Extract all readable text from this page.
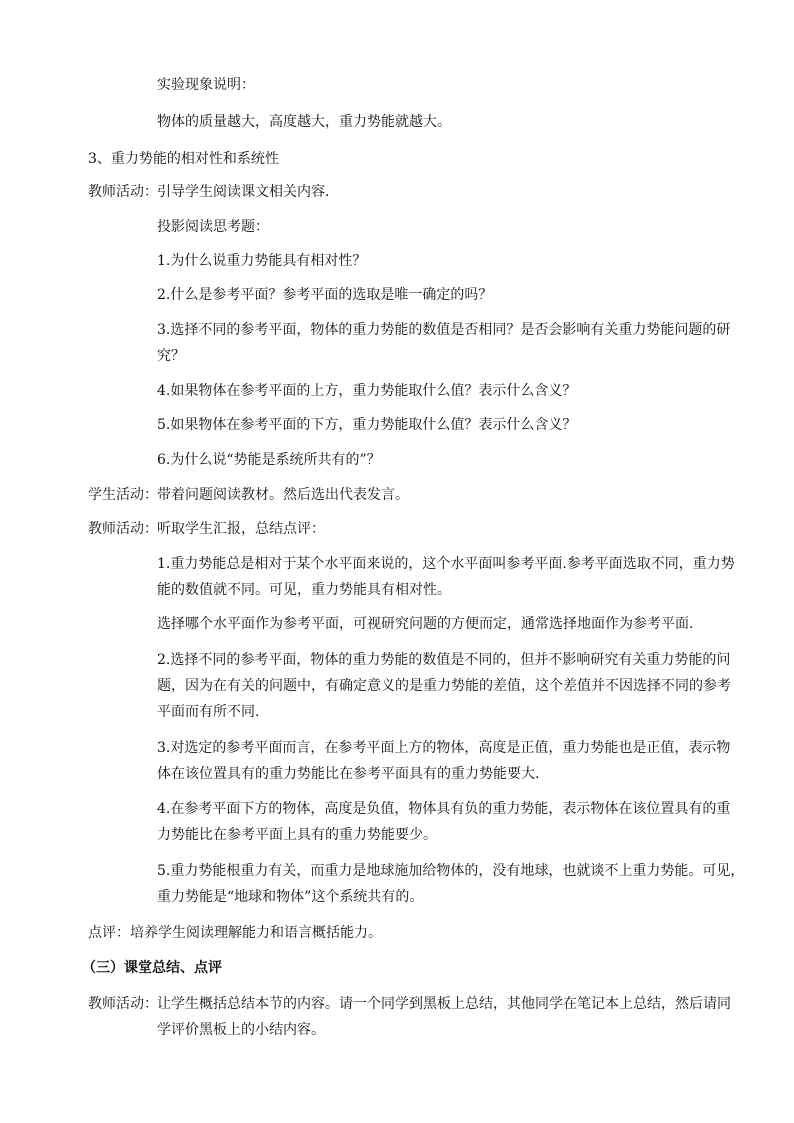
实验现象说明：
物体的质量越大，高度越大，重力势能就越大。
3、重力势能的相对性和系统性
教师活动： 引导学生阅读课文相关内容.
投影阅读思考题：
1.为什么说重力势能具有相对性？
2.什么是参考平面？参考平面的选取是唯一确定的吗？
3.选择不同的参考平面，物体的重力势能的数值是否相同？是否会影响有关重力势能问题的研
究？
4.如果物体在参考平面的上方，重力势能取什么值？表示什么含义？
5.如果物体在参考平面的下方，重力势能取什么值？表示什么含义？
6.为什么说“势能是系统所共有的”？
学生活动： 带着问题阅读教材。然后选出代表发言。
教师活动： 听取学生汇报，总结点评：
1.重力势能总是相对于某个水平面来说的，这个水平面叫参考平面.参考平面选取不同，重力势
能的数值就不同。可见，重力势能具有相对性。
选择哪个水平面作为参考平面，可视研究问题的方便而定，通常选择地面作为参考平面.
2.选择不同的参考平面，物体的重力势能的数值是不同的，但并不影响研究有关重力势能的问
题，因为在有关的问题中，有确定意义的是重力势能的差值，这个差值并不因选择不同的参考
平面而有所不同.
3.对选定的参考平面而言，在参考平面上方的物体，高度是正值，重力势能也是正值，表示物
体在该位置具有的重力势能比在参考平面具有的重力势能要大.
4.在参考平面下方的物体，高度是负值，物体具有负的重力势能，表示物体在该位置具有的重
力势能比在参考平面上具有的重力势能要少。
5.重力势能根重力有关，而重力是地球施加给物体的，没有地球，也就谈不上重力势能。可见，
重力势能是“地球和物体”这个系统共有的。
点评： 培养学生阅读理解能力和语言概括能力。
（三）课堂总结、点评
教师活动： 让学生概括总结本节的内容。请一个同学到黑板上总结，其他同学在笔记本上总结，然后请同
学评价黑板上的小结内容。
